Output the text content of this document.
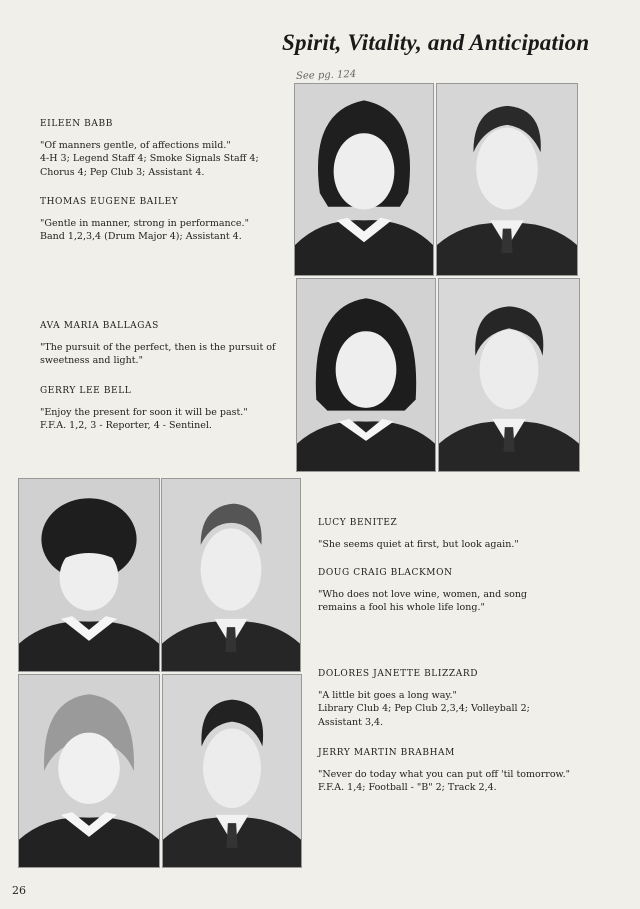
Spirit, Vitality, and Anticipation
See pg. 124
EILEEN BABB

"Of manners gentle, of affections mild."

4-H 3; Legend Staff 4; Smoke Signals Staff 4; Chorus 4; Pep Club 3; Assistant 4.

THOMAS EUGENE BAILEY

"Gentle in manner, strong in performance."

Band 1,2,3,4 (Drum Major 4); Assistant 4.

AVA MARIA BALLAGAS

"The pursuit of the perfect, then is the pursuit of sweetness and light."

GERRY LEE BELL

"Enjoy the present for soon it will be past."

F.F.A. 1,2, 3 - Reporter, 4 - Sentinel.

LUCY BENITEZ

"She seems quiet at first, but look again."

DOUG CRAIG BLACKMON

"Who does not love wine, women, and song remains a fool his whole life long."

DOLORES JANETTE BLIZZARD

"A little bit goes a long way."

Library Club 4; Pep Club 2,3,4; Volleyball 2; Assistant 3,4.

JERRY MARTIN BRABHAM

"Never do today what you can put off 'til tomorrow."

F.F.A. 1,4; Football - "B" 2; Track 2,4.

26
